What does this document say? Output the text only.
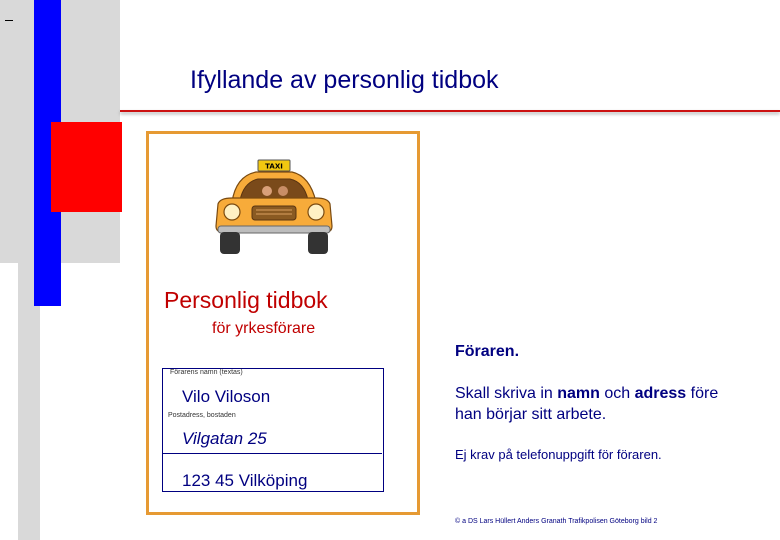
Ifyllande av personlig tidbok
TAXI
Personlig tidbok
för yrkesförare
Förarens namn (textas)
Vilo Viloson
Postadress, bostaden
Vilgatan 25
123 45 Vilköping
Föraren.
Skall skriva in namn och adress före han börjar sitt arbete.
Ej krav på telefonuppgift för föraren.
© a DS Lars Hüllert Anders Granath Trafikpolisen Göteborg bild 2
